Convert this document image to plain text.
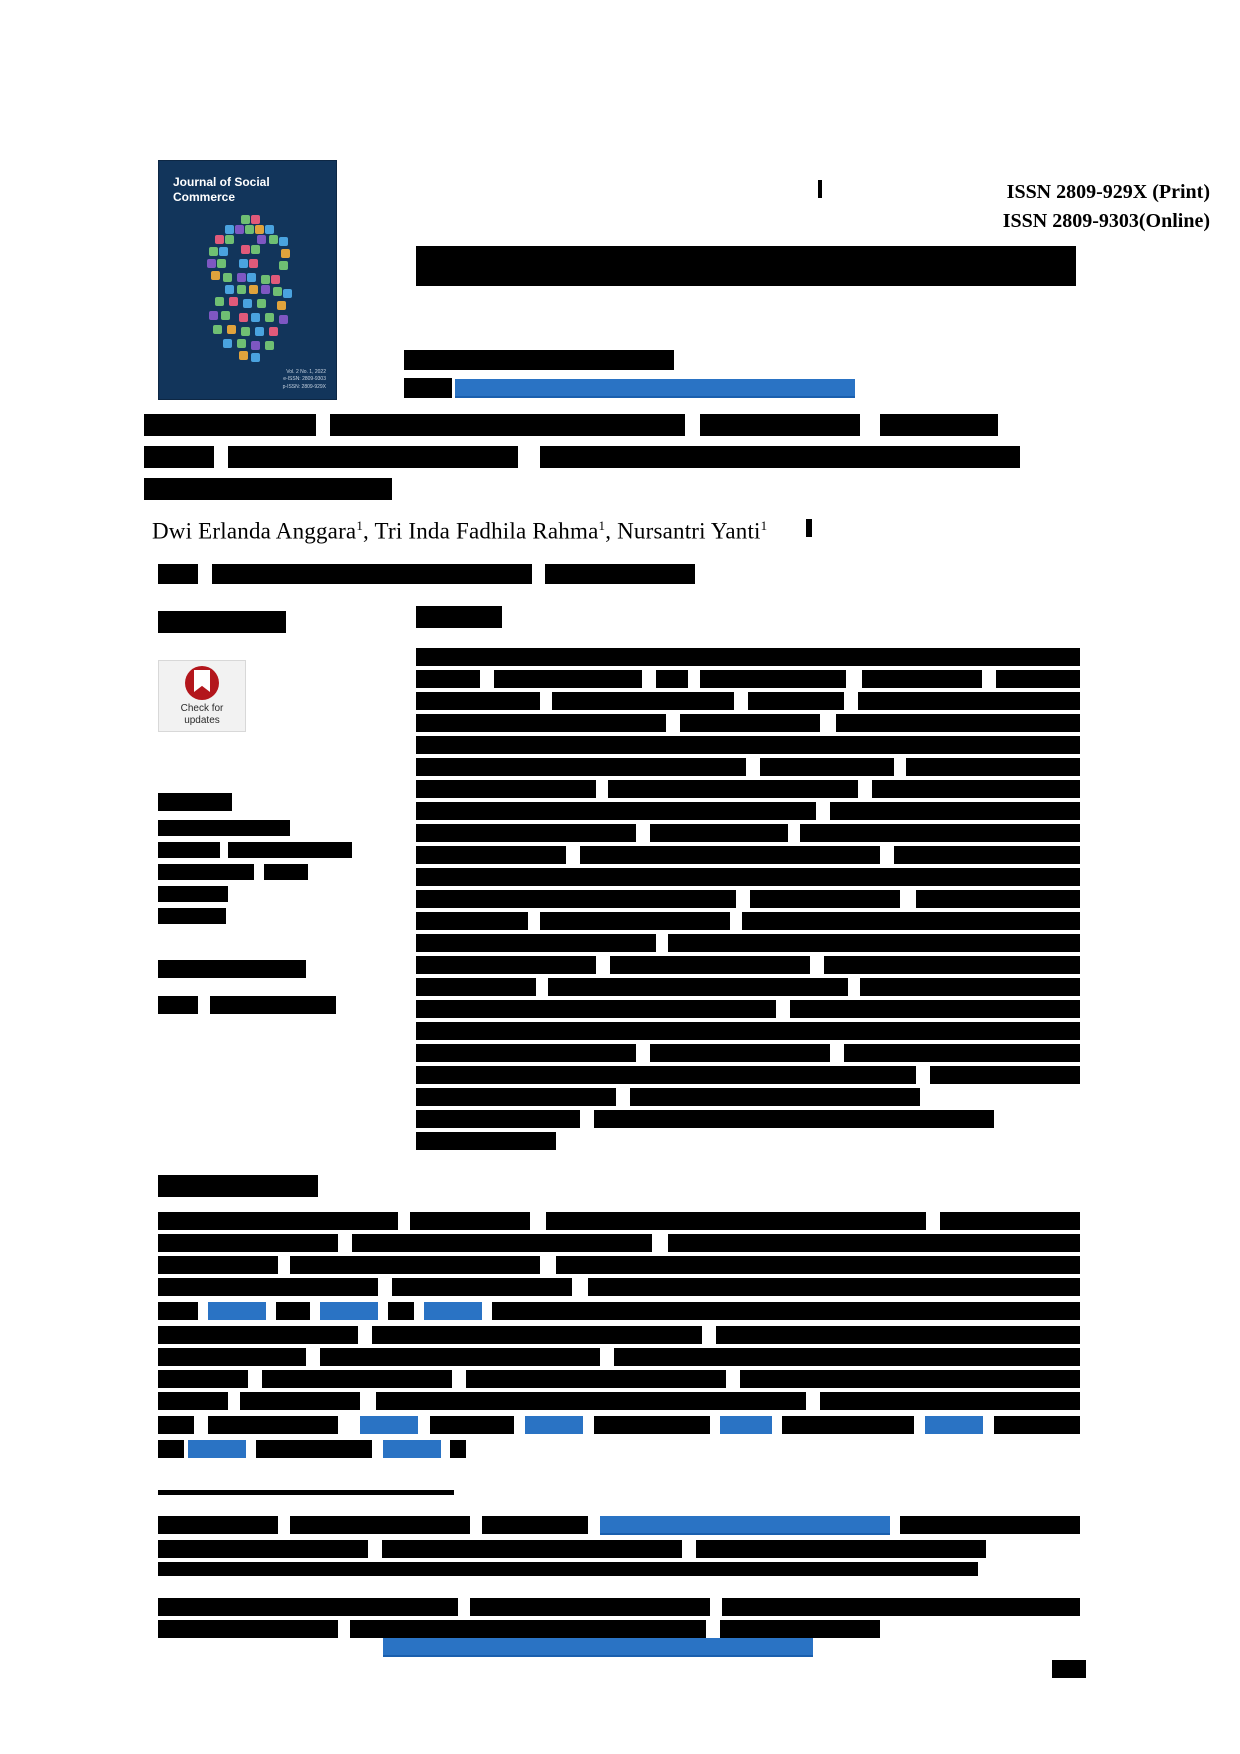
Journal of Social
Commerce
Vol. 2 No. 1, 2022
e-ISSN: 2809-9303
p-ISSN: 2809-929X
ISSN 2809-929X (Print)
ISSN 2809-9303(Online)
Dwi Erlanda Anggara$^1$, Tri Inda Fadhila Rahma$^1$, Nursantri Yanti$^1$
Check for
updates
